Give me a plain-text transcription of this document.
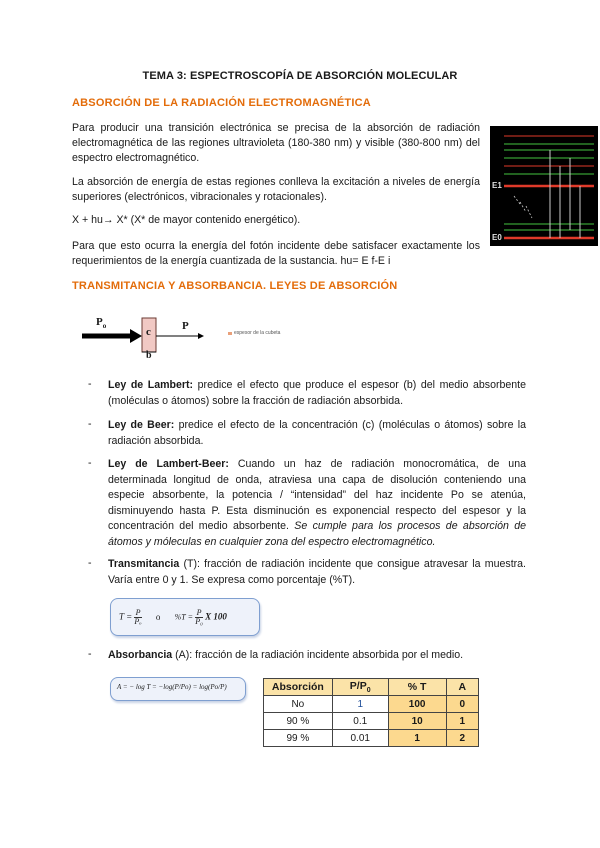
TEMA 3: ESPECTROSCOPÍA DE ABSORCIÓN MOLECULAR
ABSORCIÓN DE LA RADIACIÓN ELECTROMAGNÉTICA
Para producir una transición electrónica se precisa de la absorción de radiación electromagnética de las regiones ultravioleta (180-380 nm) y visible (380-800 nm) del espectro electromagnético.
La absorción de energía de estas regiones conlleva la excitación a niveles de energía superiores (electrónicos, vibracionales y rotacionales).
X + hu→ X* (X* de mayor contenido energético).
Para que esto ocurra la energía del fotón incidente debe satisfacer exactamente los requerimientos de la energía cuantizada de la sustancia. hu= E f-E i
E1
E0
TRANSMITANCIA Y ABSORBANCIA. LEYES DE ABSORCIÓN
$P_o$	c
b
P
espesor de la cubeta
- Ley de Lambert: predice el efecto que produce el espesor (b) del medio absorbente (moléculas o átomos) sobre la fracción de radiación absorbida.
- Ley de Beer: predice el efecto de la concentración (c) (moléculas o átomos) sobre la radiación absorbida.
- Ley de Lambert-Beer: Cuando un haz de radiación monocromática, de una determinada longitud de onda, atraviesa una capa de disolución conteniendo una especie absorbente, la potencia / “intensidad” del haz incidente Po se atenúa, disminuyendo hasta P. Esta disminución es exponencial respecto del espesor y la concentración del medio absorbente. Se cumple para los procesos de absorción de átomos y móleculas en cualquier zona del espectro electromagnético.
- Transmitancia (T): fracción de radiación incidente que consigue atravesar la muestra. Varía entre 0 y 1. Se expresa como porcentaje (%T).
$T = \frac{P}{\text{Pₒ}}$ o $\%T = \frac{P}{\text{P₀}}$ X 100
- Absorbancia (A): fracción de la radiación incidente absorbida por el medio.
A = − log T = −log(P/Po) = log(Po/P)	Absorción	$P/P_0$	% T	A
No	1	100	0
90 %	0.1	10	1
99 %	0.01	1	2
